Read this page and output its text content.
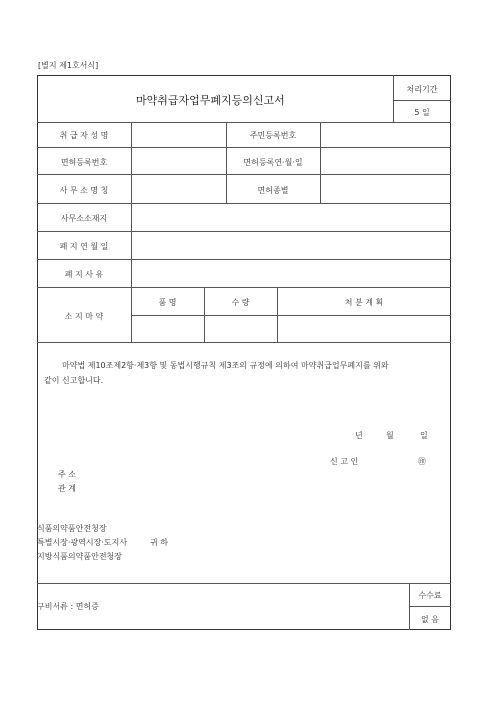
[별지 제1호서식]
마약취급자업무폐지등의신고서
처리기간
5 일
취 급 자 성 명	주민등록번호
면허등록번호	면허등록연·월·일
사 무 소 명 칭	면허종별
사무소소재지
폐 지 연 월 일
폐 지 사 유
소 지 마 약
품 명	수 량	처 분 계 획
마약법 제10조제2항·제3항 및 동법시행규칙 제3조의 규정에 의하여 마약취급업무폐지를 위와
같이 신고합니다.
년	월	일
신 고 인	㊞
주 소
관 계
식품의약품안전청장
특별시장·광역시장·도지사	귀 하
지방식품의약품안전청장
구비서류 : 면허증
수수료
없 음
